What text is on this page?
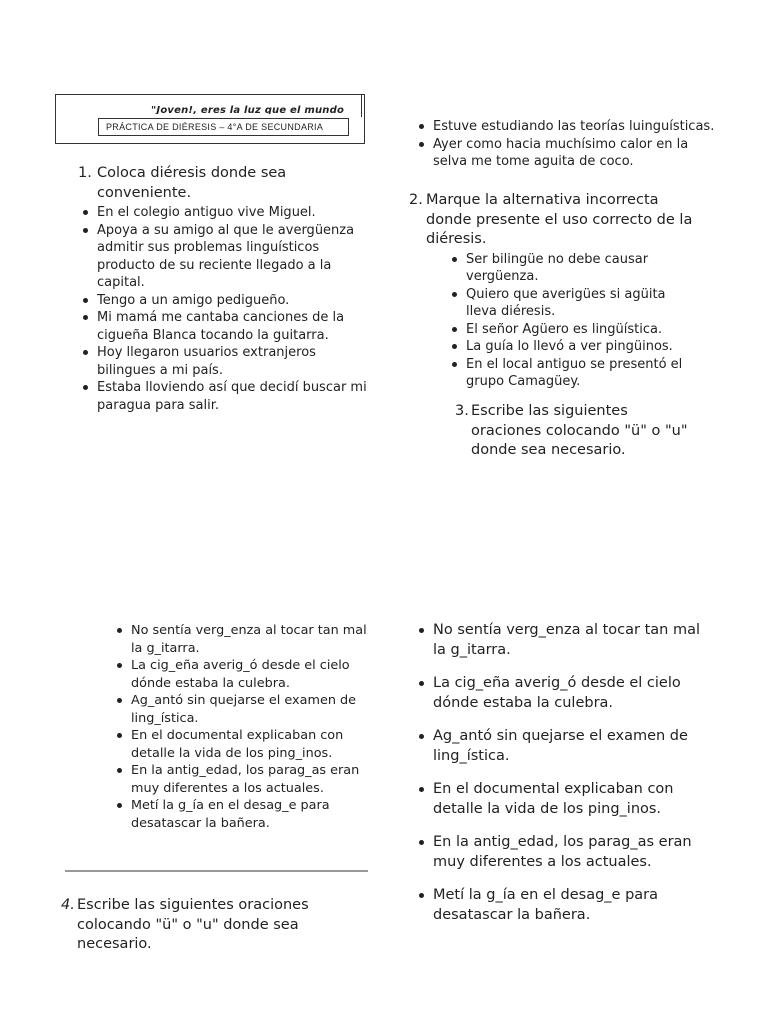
"Joven!, eres la luz que el mundo
PRÁCTICA DE DIÉRESIS – 4°A DE SECUNDARIA
1. Coloca diéresis donde sea conveniente.
En el colegio antiguo vive Miguel.
Apoya a su amigo al que le avergüenza admitir sus problemas linguísticos producto de su reciente llegado a la capital.
Tengo a un amigo pedigueño.
Mi mamá me cantaba canciones de la cigueña Blanca tocando la guitarra.
Hoy llegaron usuarios extranjeros bilingues a mi país.
Estaba lloviendo así que decidí buscar mi paragua para salir.
Estuve estudiando las teorías luinguísticas.
Ayer como hacia muchísimo calor en la selva me tome aguita de coco.
2. Marque la alternativa incorrecta donde presente el uso correcto de la diéresis.
Ser bilingüe no debe causar vergüenza.
Quiero que averigües si agüita lleva diéresis.
El señor Agüero es lingüística.
La guía lo llevó a ver pingüinos.
En el local antiguo se presentó el grupo Camagüey.
3. Escribe las siguientes oraciones colocando "ü" o "u" donde sea necesario.
No sentía verg_enza al tocar tan mal la g_itarra.
La cig_eña averig_ó desde el cielo dónde estaba la culebra.
Ag_antó sin quejarse el examen de ling_ística.
En el documental explicaban con detalle la vida de los ping_inos.
En la antig_edad, los parag_as eran muy diferentes a los actuales.
Metí la g_ía en el desag_e para desatascar la bañera.
4. Escribe las siguientes oraciones colocando "ü" o "u" donde sea necesario.
No sentía verg_enza al tocar tan mal la g_itarra.
La cig_eña averig_ó desde el cielo dónde estaba la culebra.
Ag_antó sin quejarse el examen de ling_ística.
En el documental explicaban con detalle la vida de los ping_inos.
En la antig_edad, los parag_as eran muy diferentes a los actuales.
Metí la g_ía en el desag_e para desatascar la bañera.
